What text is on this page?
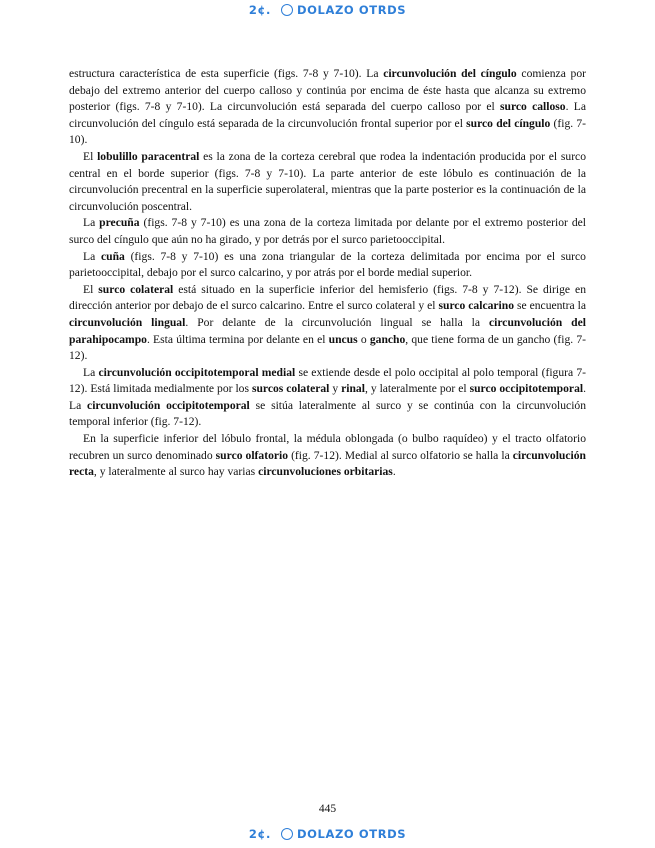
2¢. DOLAZO OTRDS

estructura característica de esta superficie (figs. 7-8 y 7-10). La circunvolución del cíngulo comienza por debajo del extremo anterior del cuerpo calloso y continúa por encima de éste hasta que alcanza su extremo posterior (figs. 7-8 y 7-10). La circunvolución está separada del cuerpo calloso por el surco calloso. La circunvolución del cíngulo está separada de la circunvolución frontal superior por el surco del cíngulo (fig. 7-10).

El lobulillo paracentral es la zona de la corteza cerebral que rodea la indentación producida por el surco central en el borde superior (figs. 7-8 y 7-10). La parte anterior de este lóbulo es continuación de la circunvolución precentral en la superficie superolateral, mientras que la parte posterior es la continuación de la circunvolución poscentral.

La precuña (figs. 7-8 y 7-10) es una zona de la corteza limitada por delante por el extremo posterior del surco del cíngulo que aún no ha girado, y por detrás por el surco parietooccipital.

La cuña (figs. 7-8 y 7-10) es una zona triangular de la corteza delimitada por encima por el surco parietooccipital, debajo por el surco calcarino, y por atrás por el borde medial superior.

El surco colateral está situado en la superficie inferior del hemisferio (figs. 7-8 y 7-12). Se dirige en dirección anterior por debajo de el surco calcarino. Entre el surco colateral y el surco calcarino se encuentra la circunvolución lingual. Por delante de la circunvolución lingual se halla la circunvolución del parahipocampo. Esta última termina por delante en el uncus o gancho, que tiene forma de un gancho (fig. 7-12).

La circunvolución occipitotemporal medial se extiende desde el polo occipital al polo temporal (figura 7-12). Está limitada medialmente por los surcos colateral y rinal, y lateralmente por el surco occipitotemporal. La circunvolución occipitotemporal se sitúa lateralmente al surco y se continúa con la circunvolución temporal inferior (fig. 7-12).

En la superficie inferior del lóbulo frontal, la médula oblongada (o bulbo raquídeo) y el tracto olfatorio recubren un surco denominado surco olfatorio (fig. 7-12). Medial al surco olfatorio se halla la circunvolución recta, y lateralmente al surco hay varias circunvoluciones orbitarias.

445
2¢. DOLAZO OTRDS
